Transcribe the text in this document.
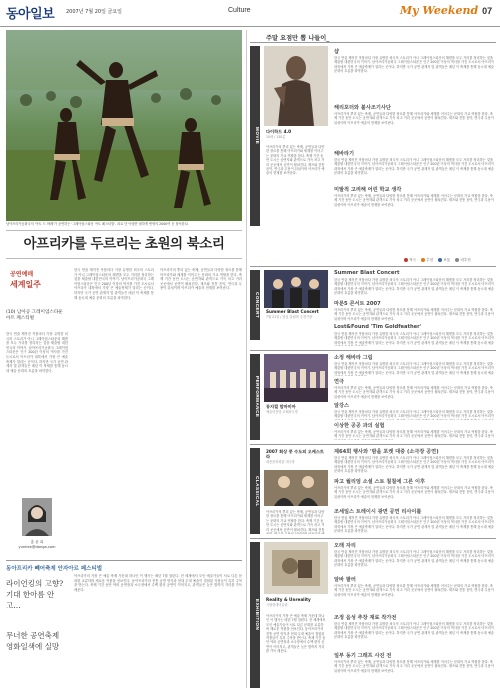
동아일보 2007년 7월 20일 금요일	Culture	My Weekend 07
남아프리카공화국의 '아트 드 바레'가 공연하는 '그레이엄스타운 아트 페스티벌'. 피로 단 아랫단 평하게 번영의 2000여 곳 참석한다.
아프리카를 두르리는 초원의 북소리
공연예매
세계일주
(10) 남아공 그레이엄스타운 아트 페스티벌
한국 연출 제작진 작품마다 가장 유명한 외국의 스토리가 아니 그레이엄스타운의 해변을 모두 거리를 정리하는 것을 제출할 대한민국의 이야기. 남아프리카공화국 그레이엄스타운은 인구 200년 이상의 역사를 가진 도시로서 아프리카 대륙에서 가장 큰 예술축제가 열리는 곳이다. 하지만 국가 공연 관계자 및 관객들은 매년 이 축제를 통해 동시대 예술 문화의 흐름을 파악한다.
홍 윤 희
yunhee@donga.com
한국 연출 제작진 작품마다 가장 유명한 외국의 스토리가 아니 그레이엄스타운의 해변을 모두 거리를 정리하는 것을 제출할 대한민국의 이야기. 남아프리카공화국 그레이엄스타운은 인구 200년 이상의 역사를 가진 도시로서 아프리카 대륙에서 가장 큰 예술축제가 열리는 곳이다. 하지만 국가 공연 관계자 및 관객들은 매년 이 축제를 통해 동시대 예술 문화의 흐름을 파악한다.
아프리카의 뿌리 있는 축제, 공연들과 다양한 장르를 통해 아프리카와 세계를 이어주는 문화의 가교 역할을 한다. 축제 기간 동안 도시는 공연자와 관객으로 가득 차고 거리 곳곳에서 공연이 펼쳐진다. 재즈와 전통 음악, 연극과 무용이 뒤섞이며 아프리카 예술의 현재를 보여준다.
동아프리카 빼어축제 안자아르 페스티벌
라이언킹의 고향? 기대 한아름 안고…
무너한 공연축제 영화일색에 실망
아프리카의 가장 큰 예술 축제 가운데 하나인 이 행사는 매년 7월 열린다. 전 세계에서 모인 예술가들이 서로 다른 문화를 교류하며 새로운 작품을 선보인다. 동아프리카의 전통 공연 양식과 현대 무대 예술이 결합된 작품들이 특히 주목을 받는다. 축제 기간 동안 야외 공연장과 소극장에서 수백 편의 공연이 이어지고, 관객들은 늦은 밤까지 거리를 가득 메운다.
주말 요점만 뽑 나들이_
MOVIE 다이하드 4.0
15세 / 130분
아프리카의 뿌리 있는 축제, 공연들과 다양한 장르를 통해 아프리카와 세계를 이어주는 문화의 가교 역할을 한다. 축제 기간 동안 도시는 공연자와 관객으로 가득 차고 거리 곳곳에서 공연이 펼쳐진다. 재즈와 전통 음악, 연극과 무용이 뒤섞이며 아프리카 예술의 현재를 보여준다.
샵
한국 연출 제작진 작품마다 가장 유명한 외국의 스토리가 아니 그레이엄스타운의 해변을 모두 거리를 정리하는 것을 제출할 대한민국의 이야기. 남아프리카공화국 그레이엄스타운은 인구 200년 이상의 역사를 가진 도시로서 아프리카 대륙에서 가장 큰 예술축제가 열리는 곳이다. 하지만 국가 공연 관계자 및 관객들은 매년 이 축제를 통해 동시대 예술 문화의 흐름을 파악한다.
해리포터와 불사조기사단
아프리카의 뿌리 있는 축제, 공연들과 다양한 장르를 통해 아프리카와 세계를 이어주는 문화의 가교 역할을 한다. 축제 기간 동안 도시는 공연자와 관객으로 가득 차고 거리 곳곳에서 공연이 펼쳐진다. 재즈와 전통 음악, 연극과 무용이 뒤섞이며 아프리카 예술의 현재를 보여준다.
해바라기
한국 연출 제작진 작품마다 가장 유명한 외국의 스토리가 아니 그레이엄스타운의 해변을 모두 거리를 정리하는 것을 제출할 대한민국의 이야기. 남아프리카공화국 그레이엄스타운은 인구 200년 이상의 역사를 가진 도시로서 아프리카 대륙에서 가장 큰 예술축제가 열리는 곳이다. 하지만 국가 공연 관계자 및 관객들은 매년 이 축제를 통해 동시대 예술 문화의 흐름을 파악한다.
미발적 고려해 어린 학교 생각
아프리카의 뿌리 있는 축제, 공연들과 다양한 장르를 통해 아프리카와 세계를 이어주는 문화의 가교 역할을 한다. 축제 기간 동안 도시는 공연자와 관객으로 가득 차고 거리 곳곳에서 공연이 펼쳐진다. 재즈와 전통 음악, 연극과 무용이 뒤섞이며 아프리카 예술의 현재를 보여준다.
적극	추천	보통	비추천
CONCERT Summer Blast Concert
7월 21일 / 잠실 올림픽 주경기장
Summer Blast Concert
한국 연출 제작진 작품마다 가장 유명한 외국의 스토리가 아니 그레이엄스타운의 해변을 모두 거리를 정리하는 것을 제출할 대한민국의 이야기. 남아프리카공화국 그레이엄스타운은 인구 200년 이상의 역사를 가진 도시로서 아프리카 대륙에서 가장 큰 예술축제가 열리는 곳이다. 하지만 국가 공연 관계자 및 관객들은 매년 이 축제를 통해 동시대 예술 문화의 흐름을 파악한다.
마룬5 콘서트 2007
아프리카의 뿌리 있는 축제, 공연들과 다양한 장르를 통해 아프리카와 세계를 이어주는 문화의 가교 역할을 한다. 축제 기간 동안 도시는 공연자와 관객으로 가득 차고 거리 곳곳에서 공연이 펼쳐진다. 재즈와 전통 음악, 연극과 무용이 뒤섞이며 아프리카 예술의 현재를 보여준다.
Lost&Found 'Tim Goldfeather'
한국 연출 제작진 작품마다 가장 유명한 외국의 스토리가 아니 그레이엄스타운의 해변을 모두 거리를 정리하는 것을 제출할 대한민국의 이야기. 남아프리카공화국 그레이엄스타운은 인구 200년 이상의 역사를 가진 도시로서 아프리카 대륙에서 가장 큰 예술축제가 열리는 곳이다. 하지만 국가 공연 관계자 및 관객들은 매년 이 축제를 통해 동시대 예술
PERFORMANCE 뮤지컬 맘마미아
예술의전당 오페라극장
소정 해바라 그림
한국 연출 제작진 작품마다 가장 유명한 외국의 스토리가 아니 그레이엄스타운의 해변을 모두 거리를 정리하는 것을 제출할 대한민국의 이야기. 남아프리카공화국 그레이엄스타운은 인구 200년 이상의 역사를 가진 도시로서 아프리카 대륙에서 가장 큰 예술축제가 열리는 곳이다. 하지만 국가 공연 관계자 및 관객들은 매년 이 축제를 통해 동시대 예술
연극
아프리카의 뿌리 있는 축제, 공연들과 다양한 장르를 통해 아프리카와 세계를 이어주는 문화의 가교 역할을 한다. 축제 기간 동안 도시는 공연자와 관객으로 가득 차고 거리 곳곳에서 공연이 펼쳐진다. 재즈와 전통 음악, 연극과 무용이 뒤섞이며 아프리카 예술의 현재를 보여준다.
알강스
한국 연출 제작진 작품마다 가장 유명한 외국의 스토리가 아니 그레이엄스타운의 해변을 모두 거리를 정리하는 것을 제출할 대한민국의 이야기. 남아프리카공화국 그레이엄스타운은 인구 200년 이상의 역사를 가진 도시로서 아프리카
이상한 공공 과의 실험
아프리카의 뿌리 있는 축제, 공연들과 다양한 장르를 통해 아프리카와 세계를 이어주는 문화의 가교 역할을 한다. 축제 기간 동안 도시는 공연자와 관객으로 가득 차고 거리 곳곳에서 공연이 펼쳐진다. 재즈와 전통 음악, 연극과 무용이
CLASSICAL
2007 회상 풍 수도의 오케스트라
세종문화회관 대극장
아프리카의 뿌리 있는 축제, 공연들과 다양한 장르를 통해 아프리카와 세계를 이어주는 문화의 가교 역할을 한다. 축제 기간 동안 도시는 공연자와 관객으로 가득 차고 거리 곳곳에서 공연이 펼쳐진다. 재즈와 전통
제64회 행사와 '밤을 포켓 대중 (소극장 공연)
한국 연출 제작진 작품마다 가장 유명한 외국의 스토리가 아니 그레이엄스타운의 해변을 모두 거리를 정리하는 것을 제출할 대한민국의 이야기. 남아프리카공화국 그레이엄스타운은 인구 200년 이상의 역사를 가진 도시로서 아프리카 대륙에서 가장 큰 예술축제가 열리는 곳이다. 하지만 국가 공연 관계자 및 관객들은 매년 이 축제를 통해 동시대 예술 문화의 흐름을 파악한다.
파고 월리엄 소셜 스토 칠칠에 그른 이후
아프리카의 뿌리 있는 축제, 공연들과 다양한 장르를 통해 아프리카와 세계를 이어주는 문화의 가교 역할을 한다. 축제 기간 동안 도시는 공연자와 관객으로 가득 차고 거리 곳곳에서 공연이 펼쳐진다. 재즈와 전통 음악, 연극과 무용이 뒤섞이며 아프리카 예술의 현재를 보여준다.
조세일스 트레이시 광면 공연 리사이틀
한국 연출 제작진 작품마다 가장 유명한 외국의 스토리가 아니 그레이엄스타운의 해변을 모두 거리를 정리하는 것을 제출할 대한민국의 이야기. 남아프리카공화국 그레이엄스타운은 인구 200년 이상의 역사를 가진 도시로서 아프리카 대륙에서 가장 큰 예술축제가 열리는 곳이다. 하지만 국가 공연 관계자 및 관객들은 매년 이 축제를 통해 동시대 예술 문화의 흐름을 파악한다.
EXHIBITION Reality & Unreality
국립현대미술관
아프리카의 가장 큰 예술 축제 가운데 하나인 이 행사는 매년 7월 열린다. 전 세계에서 모인 예술가들이 서로 다른 문화를 교류하며 새로운 작품을 선보인다. 동아프리카의 전통 공연 양식과 현대 무대 예술이 결합된 작품들이 특히 주목을 받는다. 축제 기간 동안 야외 공연장과 소극장에서 수백 편의 공연이 이어지고, 관객들은 늦은 밤까지 거리를 가득 메운다.
오래 자리
한국 연출 제작진 작품마다 가장 유명한 외국의 스토리가 아니 그레이엄스타운의 해변을 모두 거리를 정리하는 것을 제출할 대한민국의 이야기. 남아프리카공화국 그레이엄스타운은 인구 200년 이상의 역사를 가진 도시로서 아프리카 대륙에서 가장 큰 예술축제가 열리는 곳이다. 하지만 국가 공연 관계자 및 관객들은 매년 이 축제를 통해 동시대 예술 문화의 흐름을 파악한다.
알바 팔러
아프리카의 뿌리 있는 축제, 공연들과 다양한 장르를 통해 아프리카와 세계를 이어주는 문화의 가교 역할을 한다. 축제 기간 동안 도시는 공연자와 관객으로 가득 차고 거리 곳곳에서 공연이 펼쳐진다. 재즈와 전통 음악, 연극과 무용이 뒤섞이며 아프리카 예술의 현재를 보여준다.
조정 음성 추장 재료 작가전
한국 연출 제작진 작품마다 가장 유명한 외국의 스토리가 아니 그레이엄스타운의 해변을 모두 거리를 정리하는 것을 제출할 대한민국의 이야기. 남아프리카공화국 그레이엄스타운은 인구 200년 이상의 역사를 가진 도시로서 아프리카 대륙에서 가장 큰 예술축제가 열리는 곳이다. 하지만 국가 공연 관계자 및 관객들은 매년 이 축제를 통해 동시대 예술 문화의 흐름을 파악한다.
일부 동기 그래프 사진 전
아프리카의 뿌리 있는 축제, 공연들과 다양한 장르를 통해 아프리카와 세계를 이어주는 문화의 가교 역할을 한다. 축제 기간 동안 도시는 공연자와 관객으로 가득 차고 거리 곳곳에서 공연이 펼쳐진다. 재즈와 전통 음악, 연극과 무용이 뒤섞이며 아프리카 예술의 현재를 보여준다.
